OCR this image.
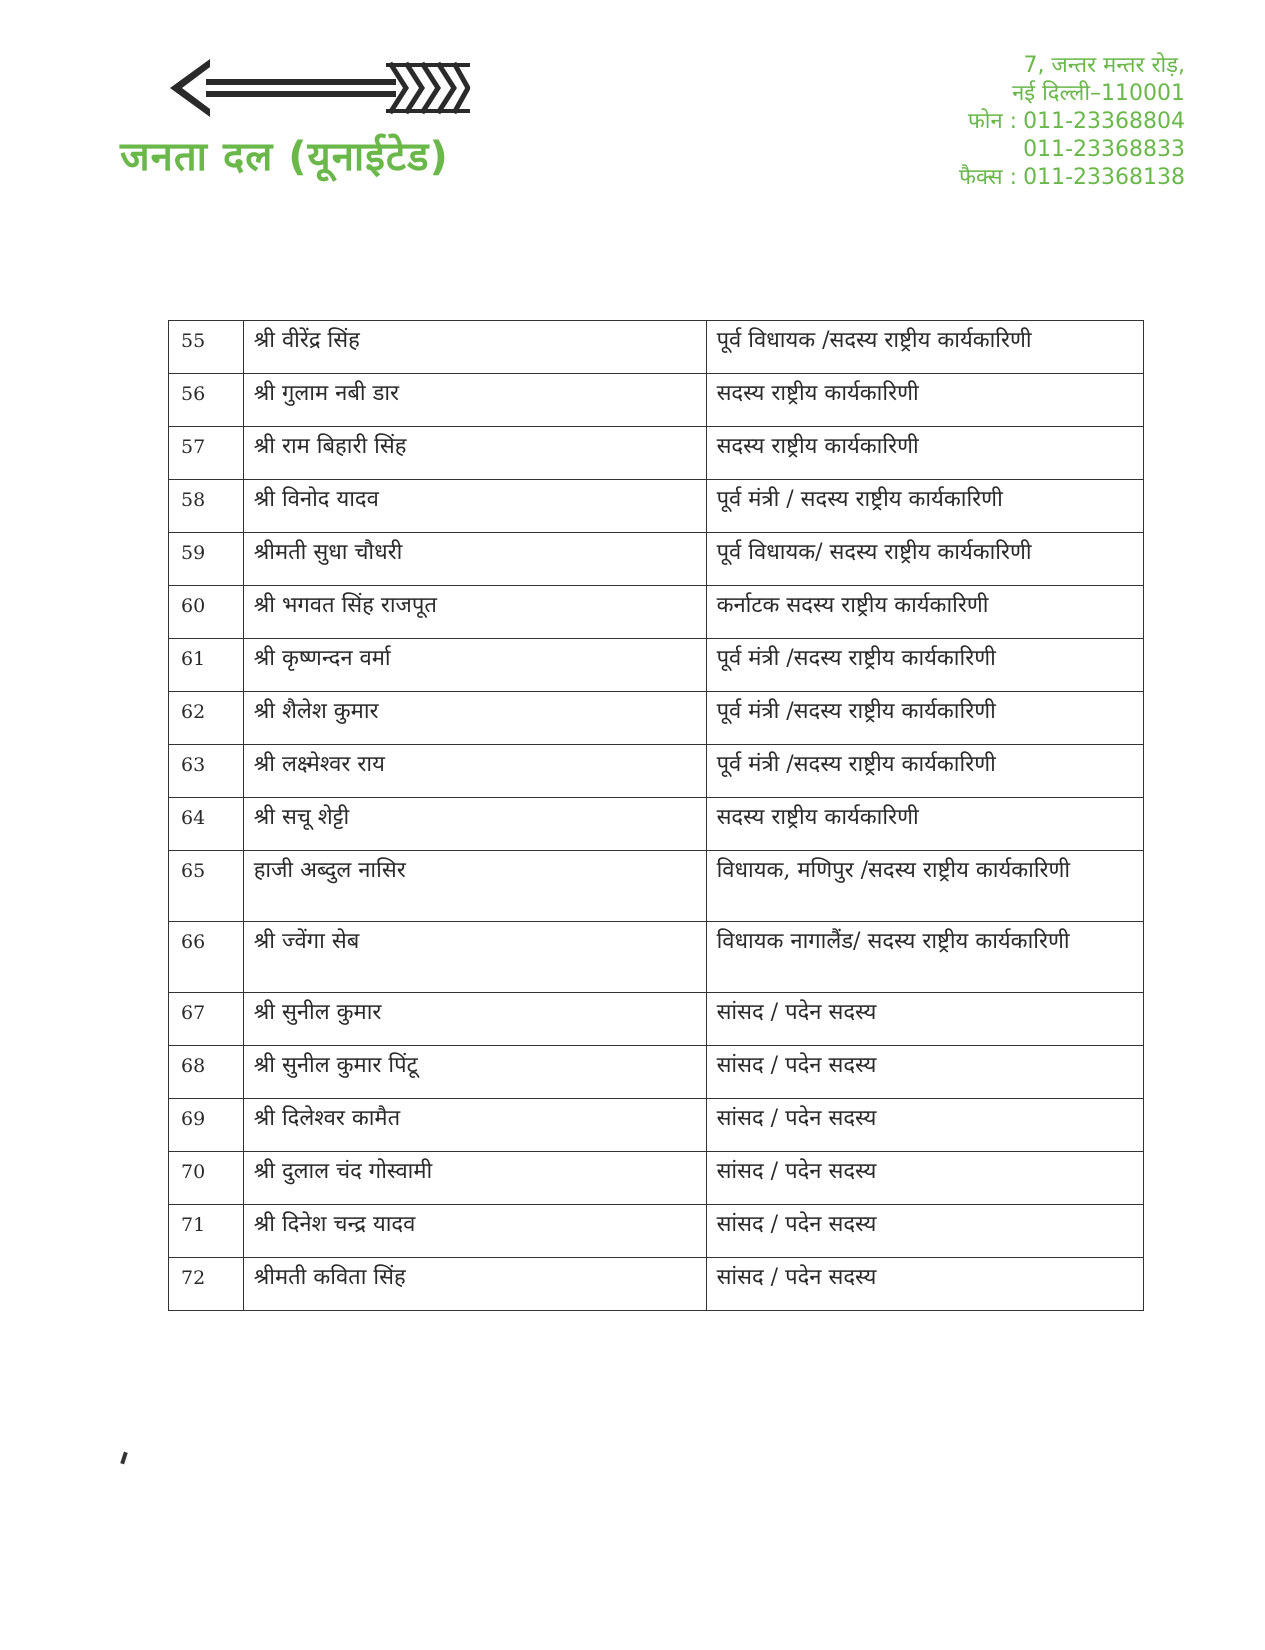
जनता दल (यूनाईटेड)
7, जन्तर मन्तर रोड़,
नई दिल्ली–110001
फोन : 011-23368804
011-23368833
फैक्स : 011-23368138
55	श्री वीरेंद्र सिंह	पूर्व विधायक /सदस्य राष्ट्रीय कार्यकारिणी
56	श्री गुलाम नबी डार	सदस्य राष्ट्रीय कार्यकारिणी
57	श्री राम बिहारी सिंह	सदस्य राष्ट्रीय कार्यकारिणी
58	श्री विनोद यादव	पूर्व मंत्री / सदस्य राष्ट्रीय कार्यकारिणी
59	श्रीमती सुधा चौधरी	पूर्व विधायक/ सदस्य राष्ट्रीय कार्यकारिणी
60	श्री भगवत सिंह राजपूत	कर्नाटक सदस्य राष्ट्रीय कार्यकारिणी
61	श्री कृष्णन्दन वर्मा	पूर्व मंत्री /सदस्य राष्ट्रीय कार्यकारिणी
62	श्री शैलेश कुमार	पूर्व मंत्री /सदस्य राष्ट्रीय कार्यकारिणी
63	श्री लक्ष्मेश्वर राय	पूर्व मंत्री /सदस्य राष्ट्रीय कार्यकारिणी
64	श्री सचू शेट्टी	सदस्य राष्ट्रीय कार्यकारिणी
65	हाजी अब्दुल नासिर	विधायक, मणिपुर /सदस्य राष्ट्रीय कार्यकारिणी
66	श्री ज्वेंगा सेब	विधायक नागालैंड/ सदस्य राष्ट्रीय कार्यकारिणी
67	श्री सुनील कुमार	सांसद / पदेन सदस्य
68	श्री सुनील कुमार पिंटू	सांसद / पदेन सदस्य
69	श्री दिलेश्वर कामैत	सांसद / पदेन सदस्य
70	श्री दुलाल चंद गोस्वामी	सांसद / पदेन सदस्य
71	श्री दिनेश चन्द्र यादव	सांसद / पदेन सदस्य
72	श्रीमती कविता सिंह	सांसद / पदेन सदस्य
